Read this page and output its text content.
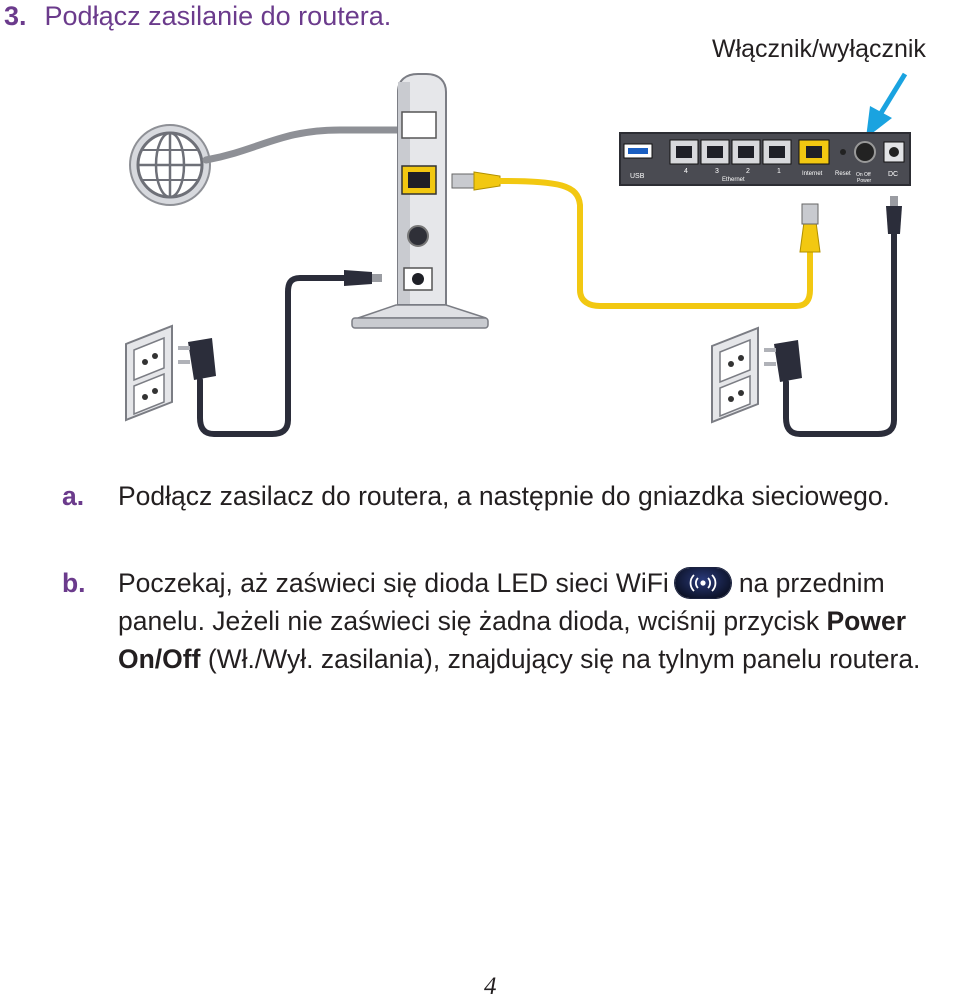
3. Podłącz zasilanie do routera.
Włącznik/wyłącznik
USB
4	3	2	1
Ethernet
Internet Reset On Off
Power
DC
a. Podłącz zasilacz do routera, a następnie do gniazdka sieciowego.
b. Poczekaj, aż zaświeci się dioda LED sieci WiFi	na przednim panelu. Jeżeli nie zaświeci się żadna dioda, wciśnij przycisk Power On/Off (Wł./Wył. zasilania), znajdujący się na tylnym panelu routera.
4
